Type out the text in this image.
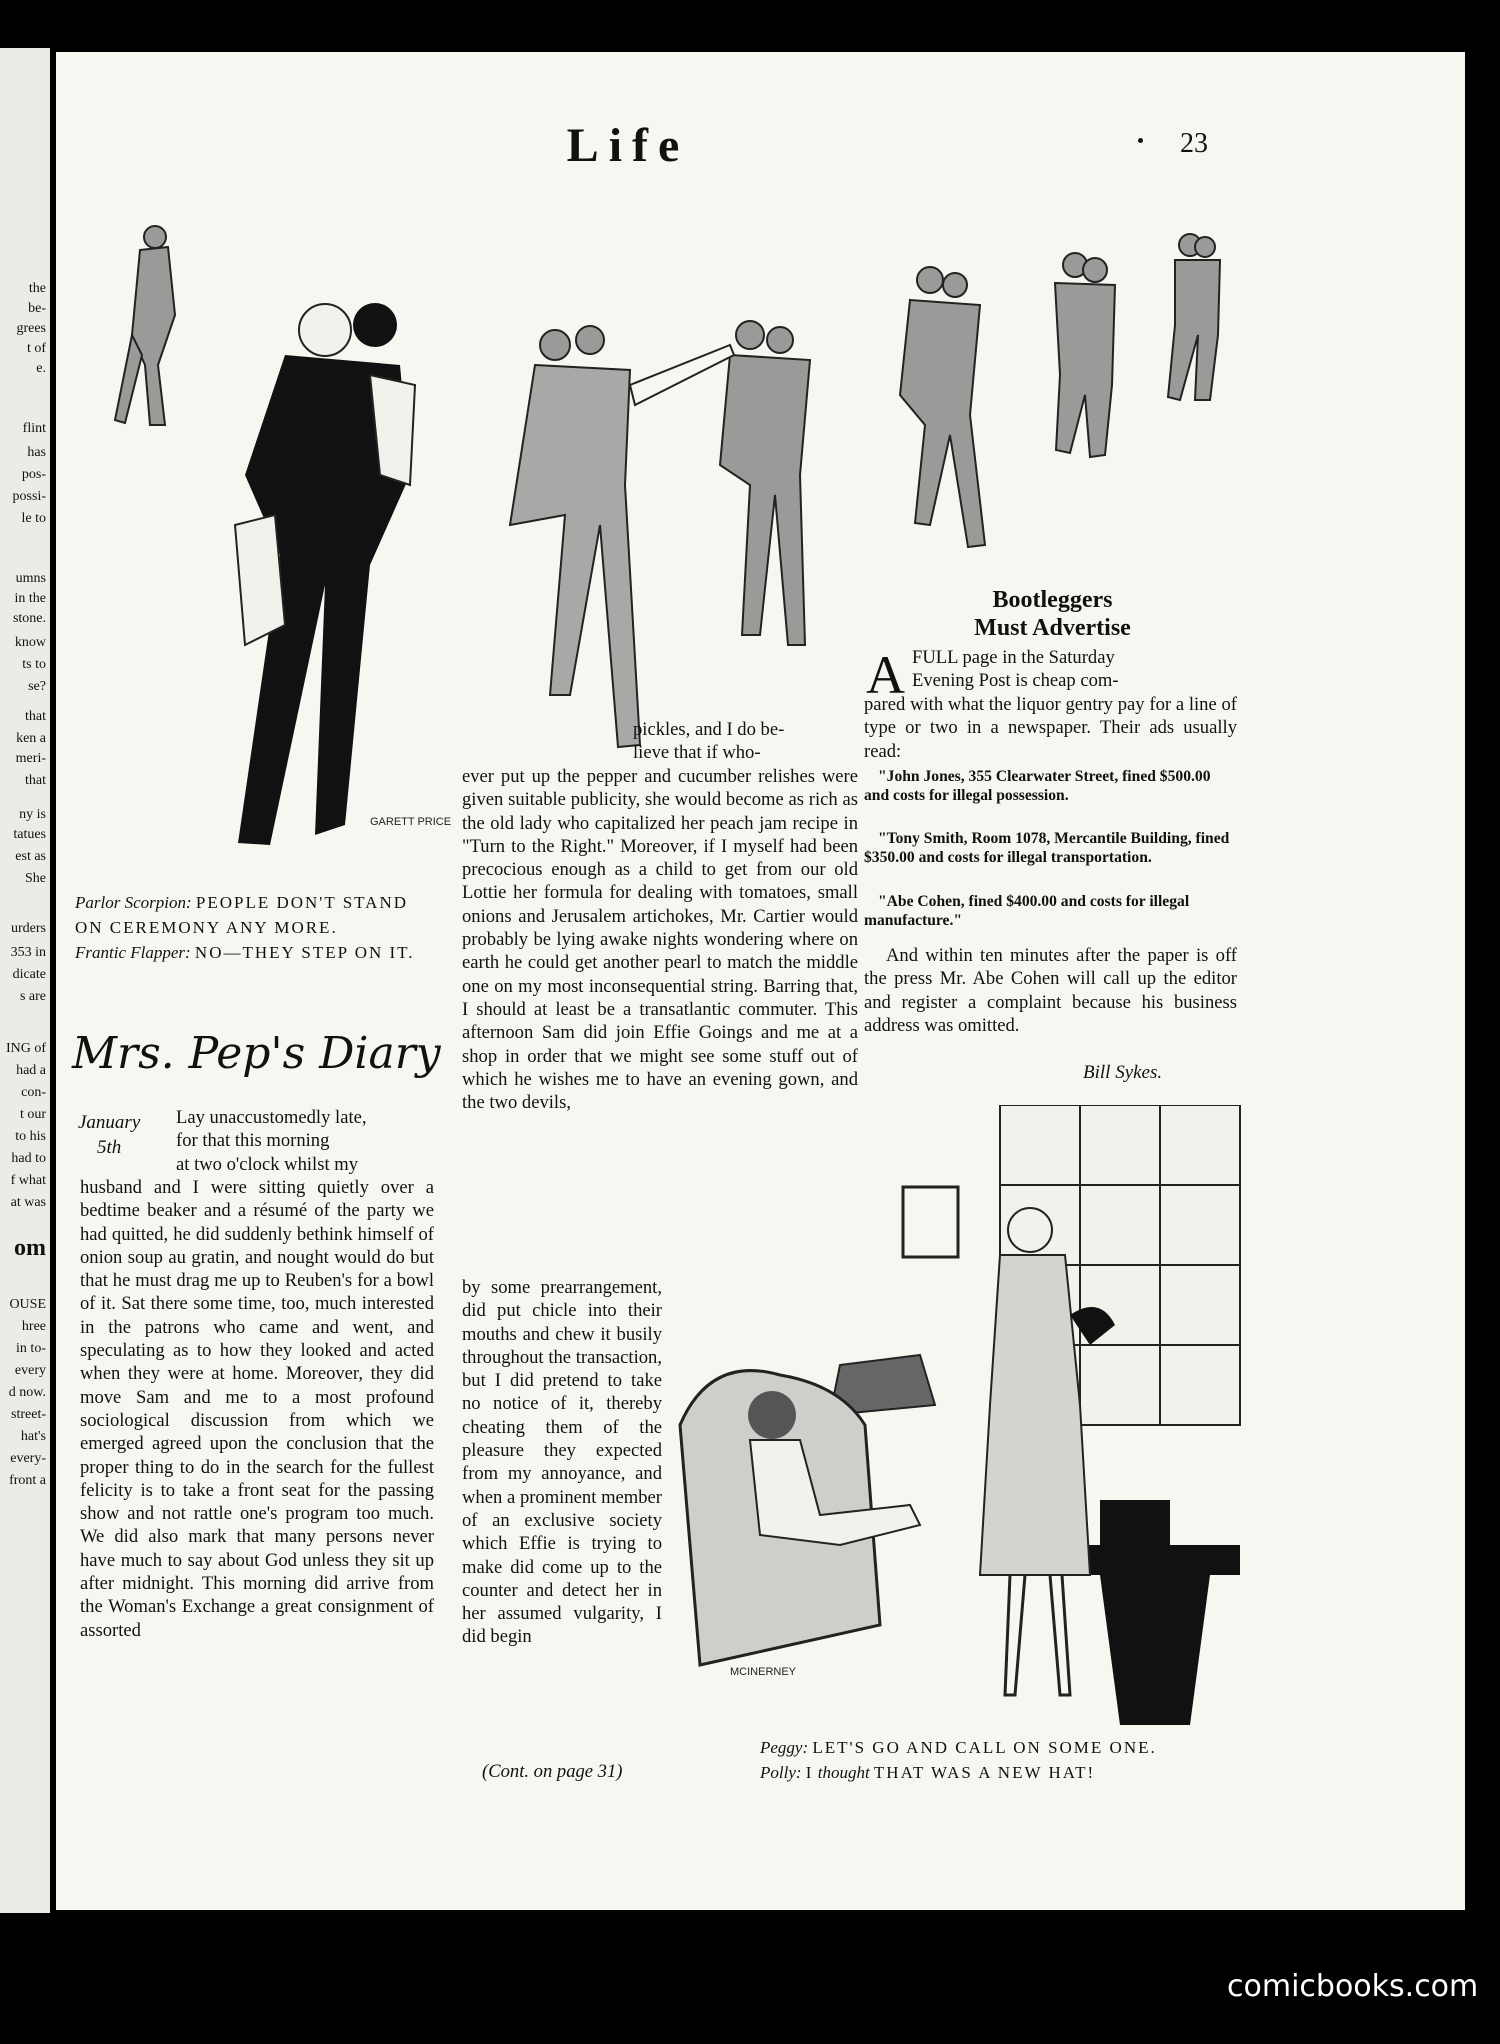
the
be-
grees
t of
e.
flint
has
pos-
possi-
le to
umns
in the
stone.
know
ts to
se?
that
ken a
meri-
that
ny is
tatues
est as
She
urders
353 in
dicate
s are
ING of
had a
con-
t our
to his
had to
f what
at was
om
OUSE
hree
in to-
every
d now.
street-
hat's
every-
front a
Life	23
GARETT PRICE
Parlor Scorpion: PEOPLE DON'T STAND ON CEREMONY ANY MORE.
Frantic Flapper: NO—THEY STEP ON IT.
Mrs. Pep's Diary
January
5th
Lay unaccustomedly late,
for that this morning
at two o'clock whilst my

husband and I were sitting quietly over a bedtime beaker and a résumé of the party we had quitted, he did suddenly bethink himself of onion soup au gratin, and nought would do but that he must drag me up to Reuben's for a bowl of it. Sat there some time, too, much interested in the patrons who came and went, and speculating as to how they looked and acted when they were at home. Moreover, they did move Sam and me to a most profound sociological discussion from which we emerged agreed upon the conclusion that the proper thing to do in the search for the fullest felicity is to take a front seat for the passing show and not rattle one's program too much. We did also mark that many persons never have much to say about God unless they sit up after midnight. This morning did arrive from the Woman's Exchange a great consignment of assorted

pickles, and I do be-
lieve that if who-

ever put up the pepper and cucumber relishes were given suitable publicity, she would become as rich as the old lady who capitalized her peach jam recipe in "Turn to the Right." Moreover, if I myself had been precocious enough as a child to get from our old Lottie her formula for dealing with tomatoes, small onions and Jerusalem artichokes, Mr. Cartier would probably be lying awake nights wondering where on earth he could get another pearl to match the middle one on my most inconsequential string. Barring that, I should at least be a transatlantic commuter. This afternoon Sam did join Effie Goings and me at a shop in order that we might see some stuff out of which he wishes me to have an evening gown, and the two devils,

by some prearrangement, did put chicle into their mouths and chew it busily throughout the transaction, but I did pretend to take no notice of it, thereby cheating them of the pleasure they expected from my annoyance, and when a prominent member of an exclusive society which Effie is trying to make did come up to the counter and detect her in her assumed vulgarity, I did begin

(Cont. on page 31)
Bootleggers
Must Advertise
A FULL page in the Saturday
Evening Post is cheap com-

pared with what the liquor gentry pay for a line of type or two in a newspaper. Their ads usually read:

"John Jones, 355 Clearwater Street, fined $500.00 and costs for illegal possession.
"Tony Smith, Room 1078, Mercantile Building, fined $350.00 and costs for illegal transportation.
"Abe Cohen, fined $400.00 and costs for illegal manufacture."

And within ten minutes after the paper is off the press Mr. Abe Cohen will call up the editor and register a complaint because his business address was omitted.

Bill Sykes.
MCINERNEY
Peggy: LET'S GO AND CALL ON SOME ONE.
Polly: I thought THAT WAS A NEW HAT!
comicbooks.com
